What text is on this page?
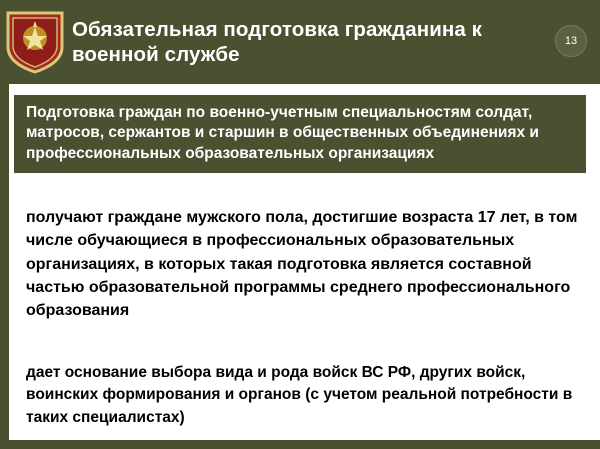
Обязательная подготовка гражданина к военной службе
13
Подготовка граждан по военно-учетным специальностям солдат, матросов, сержантов и старшин в общественных объединениях и профессиональных образовательных организациях
получают граждане мужского пола, достигшие возраста 17 лет, в том числе обучающиеся в профессиональных образовательных организациях, в которых такая подготовка является составной частью образовательной программы среднего профессионального образования
дает основание выбора вида и рода войск ВС РФ, других войск, воинских формирования и органов (с учетом реальной потребности в таких специалистах)
